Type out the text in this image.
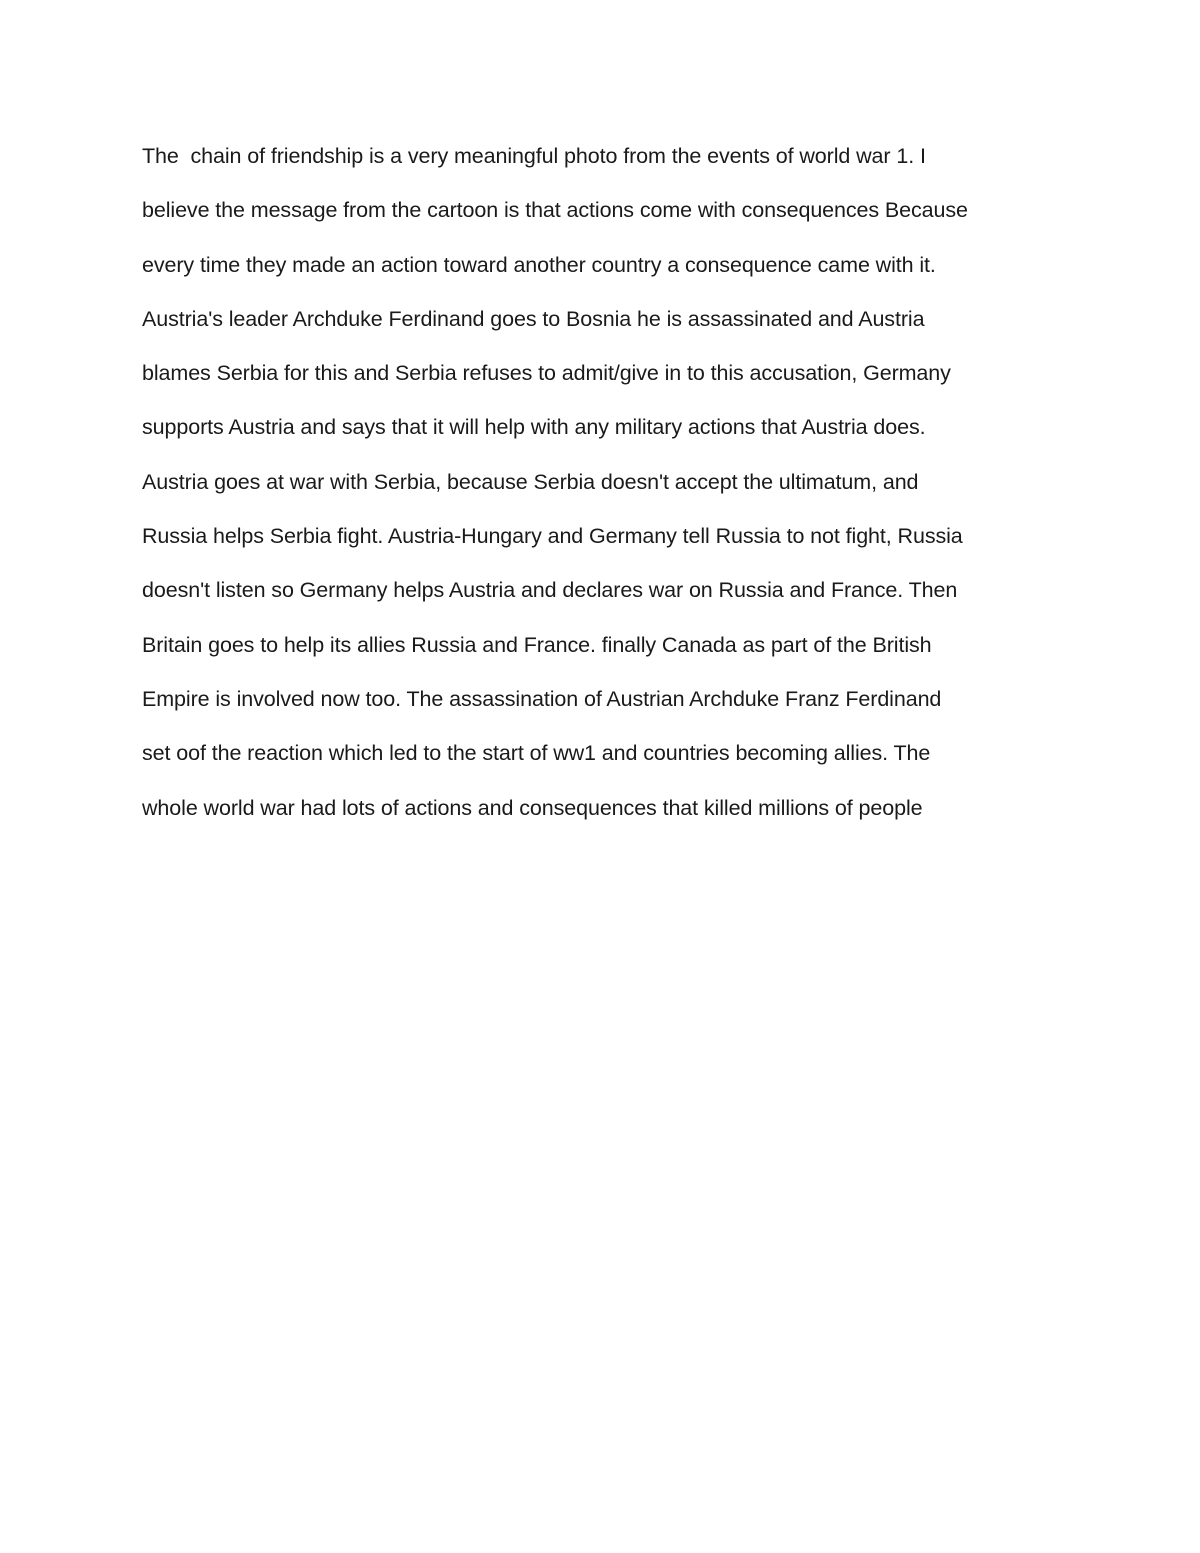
The  chain of friendship is a very meaningful photo from the events of world war 1. I
believe the message from the cartoon is that actions come with consequences Because
every time they made an action toward another country a consequence came with it.
Austria's leader Archduke Ferdinand goes to Bosnia he is assassinated and Austria
blames Serbia for this and Serbia refuses to admit/give in to this accusation, Germany
supports Austria and says that it will help with any military actions that Austria does.
Austria goes at war with Serbia, because Serbia doesn't accept the ultimatum, and
Russia helps Serbia fight. Austria-Hungary and Germany tell Russia to not fight, Russia
doesn't listen so Germany helps Austria and declares war on Russia and France. Then
Britain goes to help its allies Russia and France. finally Canada as part of the British
Empire is involved now too. The assassination of Austrian Archduke Franz Ferdinand
set oof the reaction which led to the start of ww1 and countries becoming allies. The
whole world war had lots of actions and consequences that killed millions of people
